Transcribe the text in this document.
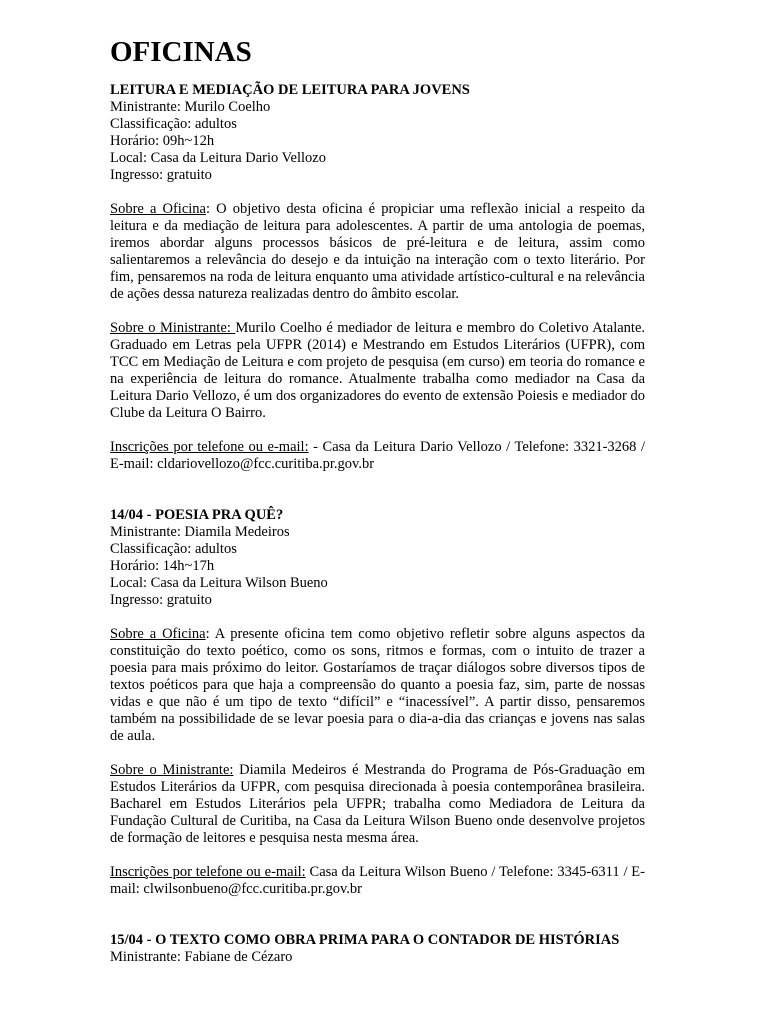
OFICINAS

LEITURA E MEDIAÇÃO DE LEITURA PARA JOVENS

Ministrante: Murilo Coelho

Classificação: adultos

Horário: 09h~12h

Local: Casa da Leitura Dario Vellozo

Ingresso: gratuito

Sobre a Oficina: O objetivo desta oficina é propiciar uma reflexão inicial a respeito da leitura e da mediação de leitura para adolescentes. A partir de uma antologia de poemas, iremos abordar alguns processos básicos de pré-leitura e de leitura, assim como salientaremos a relevância do desejo e da intuição na interação com o texto literário. Por fim, pensaremos na roda de leitura enquanto uma atividade artístico-cultural e na relevância de ações dessa natureza realizadas dentro do âmbito escolar.

Sobre o Ministrante: Murilo Coelho é mediador de leitura e membro do Coletivo Atalante. Graduado em Letras pela UFPR (2014) e Mestrando em Estudos Literários (UFPR), com TCC em Mediação de Leitura e com projeto de pesquisa (em curso) em teoria do romance e na experiência de leitura do romance. Atualmente trabalha como mediador na Casa da Leitura Dario Vellozo, é um dos organizadores do evento de extensão Poiesis e mediador do Clube da Leitura O Bairro.

Inscrições por telefone ou e-mail: - Casa da Leitura Dario Vellozo / Telefone: 3321-3268 / E-mail: cldariovellozo@fcc.curitiba.pr.gov.br

14/04 - POESIA PRA QUÊ?

Ministrante: Diamila Medeiros

Classificação: adultos

Horário: 14h~17h

Local: Casa da Leitura Wilson Bueno

Ingresso: gratuito

Sobre a Oficina: A presente oficina tem como objetivo refletir sobre alguns aspectos da constituição do texto poético, como os sons, ritmos e formas, com o intuito de trazer a poesia para mais próximo do leitor. Gostaríamos de traçar diálogos sobre diversos tipos de textos poéticos para que haja a compreensão do quanto a poesia faz, sim, parte de nossas vidas e que não é um tipo de texto “difícil” e “inacessível”. A partir disso, pensaremos também na possibilidade de se levar poesia para o dia-a-dia das crianças e jovens nas salas de aula.

Sobre o Ministrante: Diamila Medeiros é Mestranda do Programa de Pós-Graduação em Estudos Literários da UFPR, com pesquisa direcionada à poesia contemporânea brasileira. Bacharel em Estudos Literários pela UFPR; trabalha como Mediadora de Leitura da Fundação Cultural de Curitiba, na Casa da Leitura Wilson Bueno onde desenvolve projetos de formação de leitores e pesquisa nesta mesma área.

Inscrições por telefone ou e-mail: Casa da Leitura Wilson Bueno / Telefone: 3345-6311 / E-mail: clwilsonbueno@fcc.curitiba.pr.gov.br

15/04 - O TEXTO COMO OBRA PRIMA PARA O CONTADOR DE HISTÓRIAS

Ministrante: Fabiane de Cézaro
